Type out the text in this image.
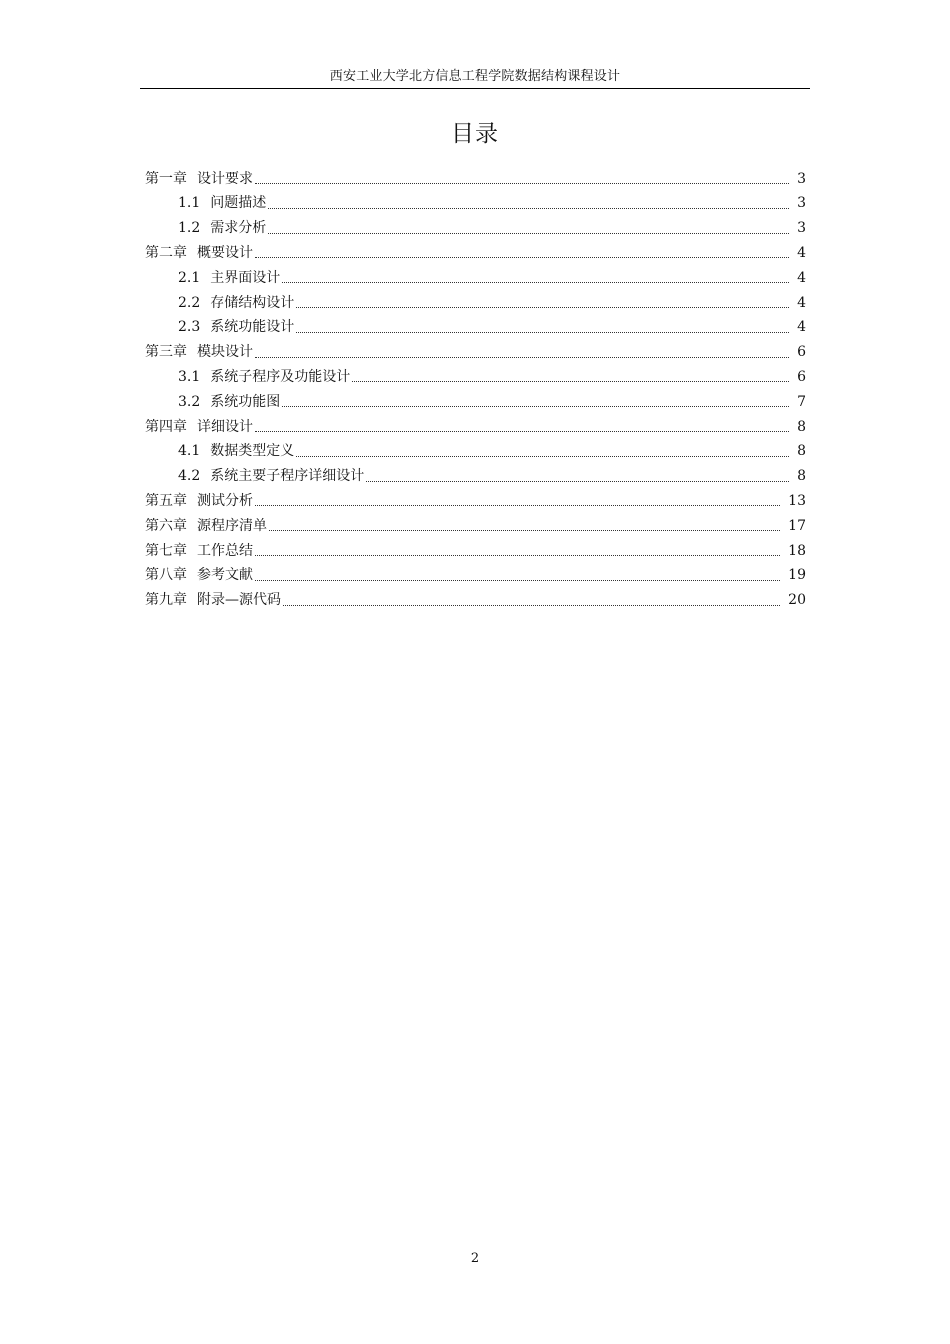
西安工业大学北方信息工程学院数据结构课程设计
目录
第一章 设计要求	3
1.1 问题描述	3
1.2 需求分析	3
第二章 概要设计	4
2.1 主界面设计	4
2.2 存储结构设计	4
2.3 系统功能设计	4
第三章 模块设计	6
3.1 系统子程序及功能设计	6
3.2 系统功能图	7
第四章 详细设计	8
4.1 数据类型定义	8
4.2 系统主要子程序详细设计	8
第五章 测试分析	13
第六章 源程序清单	17
第七章 工作总结	18
第八章 参考文献	19
第九章 附录—源代码	20
2
